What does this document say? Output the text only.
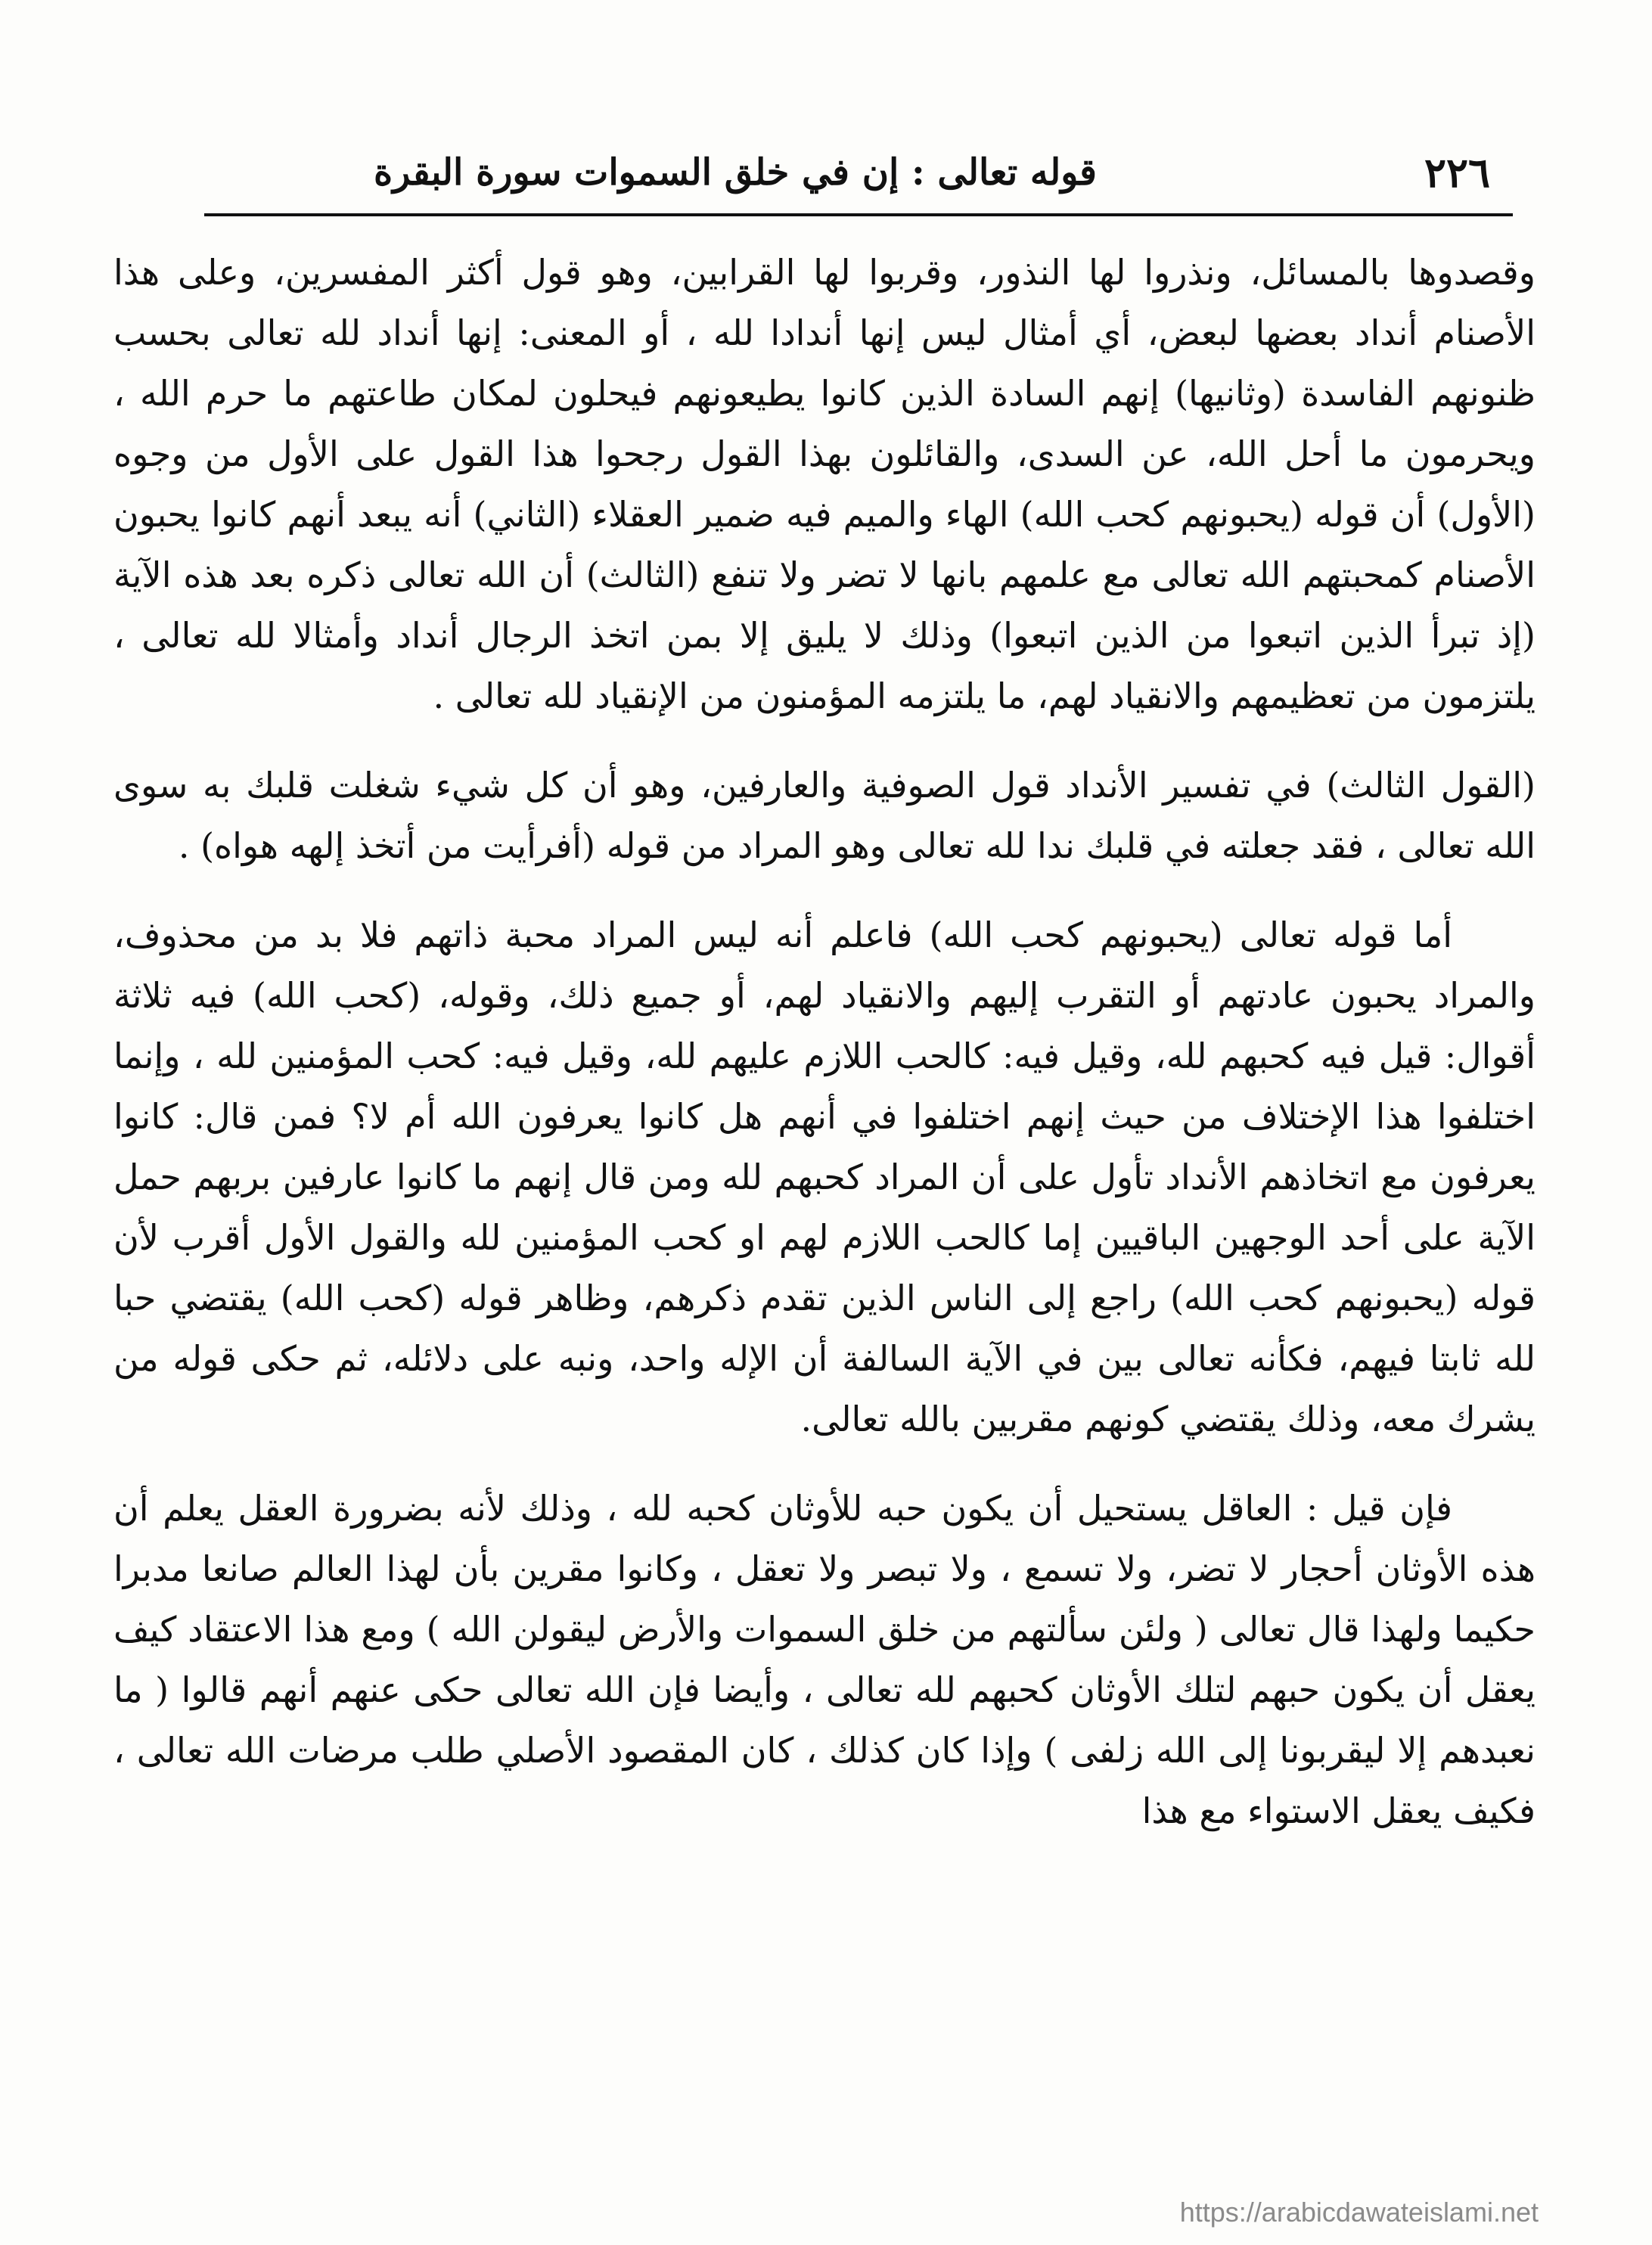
٢٢٦
قوله تعالى : إن في خلق السموات سورة البقرة

وقصدوها بالمسائل، ونذروا لها النذور، وقربوا لها القرابين، وهو قول أكثر المفسرين، وعلى هذا الأصنام أنداد بعضها لبعض، أي أمثال ليس إنها أندادا لله ، أو المعنى: إنها أنداد لله تعالى بحسب ظنونهم الفاسدة (وثانيها) إنهم السادة الذين كانوا يطيعونهم فيحلون لمكان طاعتهم ما حرم الله ، ويحرمون ما أحل الله، عن السدى، والقائلون بهذا القول رجحوا هذا القول على الأول من وجوه (الأول) أن قوله (يحبونهم كحب الله) الهاء والميم فيه ضمير العقلاء (الثاني) أنه يبعد أنهم كانوا يحبون الأصنام كمحبتهم الله تعالى مع علمهم بانها لا تضر ولا تنفع (الثالث) أن الله تعالى ذكره بعد هذه الآية (إذ تبرأ الذين اتبعوا من الذين اتبعوا) وذلك لا يليق إلا بمن اتخذ الرجال أنداد وأمثالا لله تعالى ، يلتزمون من تعظيمهم والانقياد لهم، ما يلتزمه المؤمنون من الإنقياد لله تعالى .

(القول الثالث) في تفسير الأنداد قول الصوفية والعارفين، وهو أن كل شيء شغلت قلبك به سوى الله تعالى ، فقد جعلته في قلبك ندا لله تعالى وهو المراد من قوله (أفرأيت من أتخذ إلهه هواه) .

أما قوله تعالى (يحبونهم كحب الله) فاعلم أنه ليس المراد محبة ذاتهم فلا بد من محذوف، والمراد يحبون عادتهم أو التقرب إليهم والانقياد لهم، أو جميع ذلك، وقوله، (كحب الله) فيه ثلاثة أقوال: قيل فيه كحبهم لله، وقيل فيه: كالحب اللازم عليهم لله، وقيل فيه: كحب المؤمنين لله ، وإنما اختلفوا هذا الإختلاف من حيث إنهم اختلفوا في أنهم هل كانوا يعرفون الله أم لا؟ فمن قال: كانوا يعرفون مع اتخاذهم الأنداد تأول على أن المراد كحبهم لله ومن قال إنهم ما كانوا عارفين بربهم حمل الآية على أحد الوجهين الباقيين إما كالحب اللازم لهم او كحب المؤمنين لله والقول الأول أقرب لأن قوله (يحبونهم كحب الله) راجع إلى الناس الذين تقدم ذكرهم، وظاهر قوله (كحب الله) يقتضي حبا لله ثابتا فيهم، فكأنه تعالى بين في الآية السالفة أن الإله واحد، ونبه على دلائله، ثم حكى قوله من يشرك معه، وذلك يقتضي كونهم مقربين بالله تعالى.

فإن قيل : العاقل يستحيل أن يكون حبه للأوثان كحبه لله ، وذلك لأنه بضرورة العقل يعلم أن هذه الأوثان أحجار لا تضر، ولا تسمع ، ولا تبصر ولا تعقل ، وكانوا مقرين بأن لهذا العالم صانعا مدبرا حكيما ولهذا قال تعالى ( ولئن سألتهم من خلق السموات والأرض ليقولن الله ) ومع هذا الاعتقاد كيف يعقل أن يكون حبهم لتلك الأوثان كحبهم لله تعالى ، وأيضا فإن الله تعالى حكى عنهم أنهم قالوا ( ما نعبدهم إلا ليقربونا إلى الله زلفى ) وإذا كان كذلك ، كان المقصود الأصلي طلب مرضات الله تعالى ، فكيف يعقل الاستواء مع هذا

https://arabicdawateislami.net
